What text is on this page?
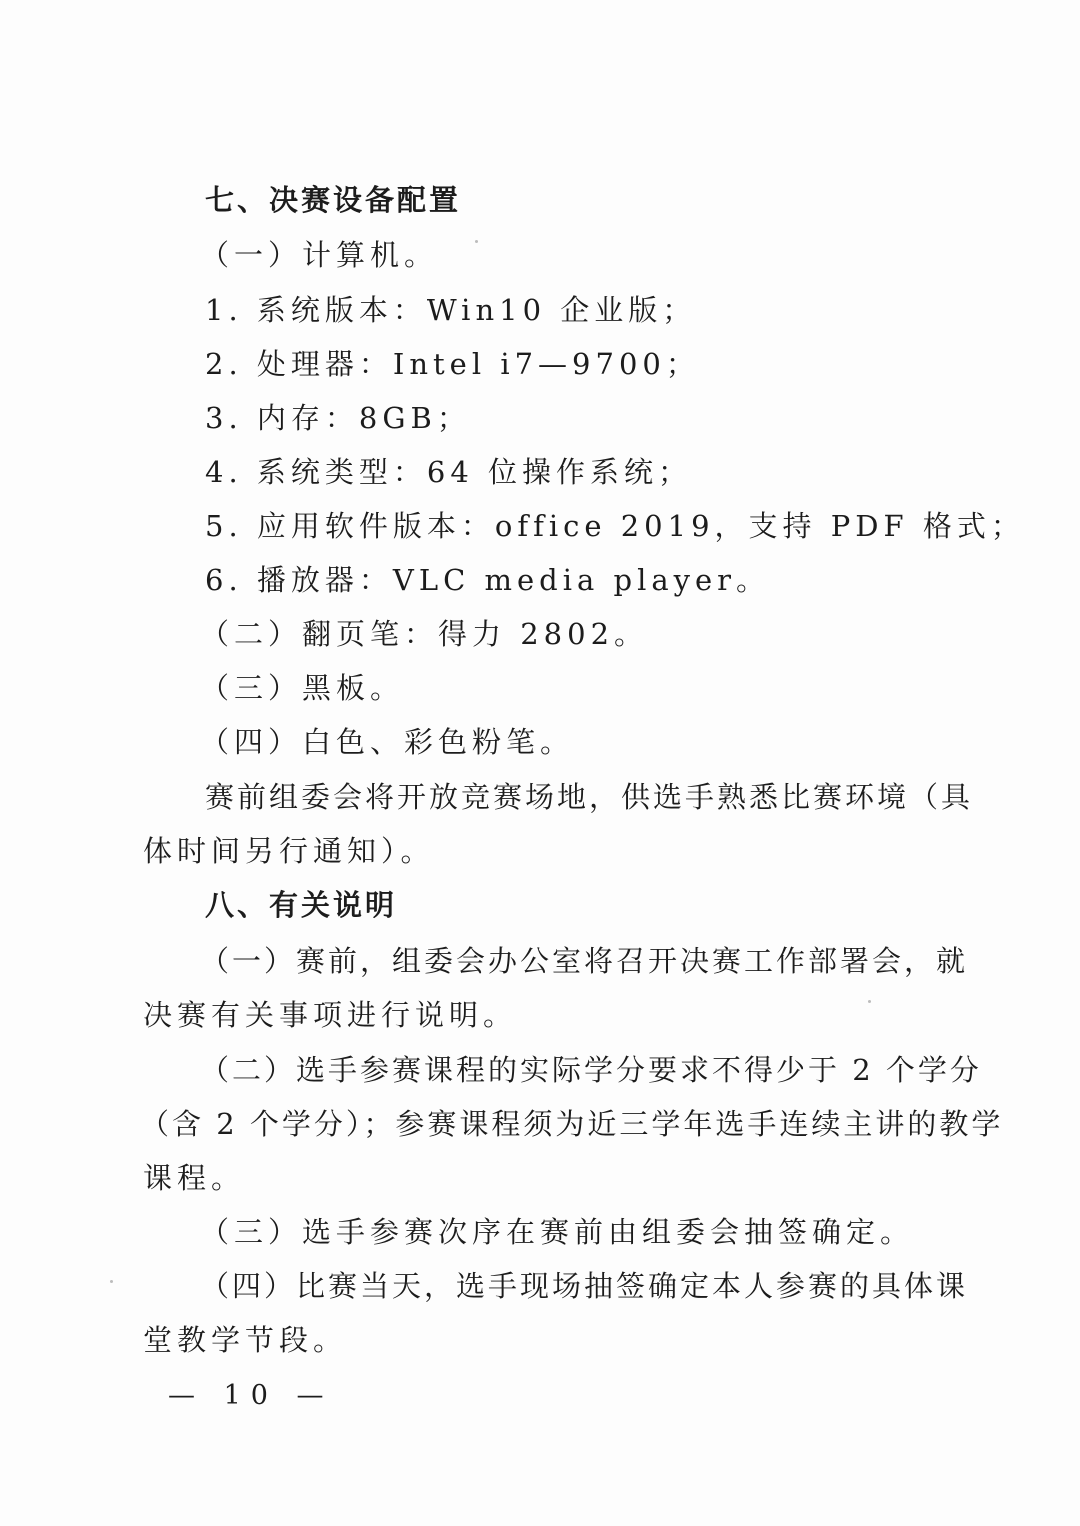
七、决赛设备配置
（一）计算机。
1. 系统版本：Win10 企业版；
2. 处理器：Intel i7—9700；
3. 内存：8GB；
4. 系统类型：64 位操作系统；
5. 应用软件版本：office 2019，支持 PDF 格式；
6. 播放器：VLC media player。
（二）翻页笔：得力 2802。
（三）黑板。
（四）白色、彩色粉笔。
赛前组委会将开放竞赛场地，供选手熟悉比赛环境（具
体时间另行通知）。
八、有关说明
（一）赛前，组委会办公室将召开决赛工作部署会，就
决赛有关事项进行说明。
（二）选手参赛课程的实际学分要求不得少于 2 个学分
（含 2 个学分）；参赛课程须为近三学年选手连续主讲的教学
课程。
（三）选手参赛次序在赛前由组委会抽签确定。
（四）比赛当天，选手现场抽签确定本人参赛的具体课
堂教学节段。
— 10 —
